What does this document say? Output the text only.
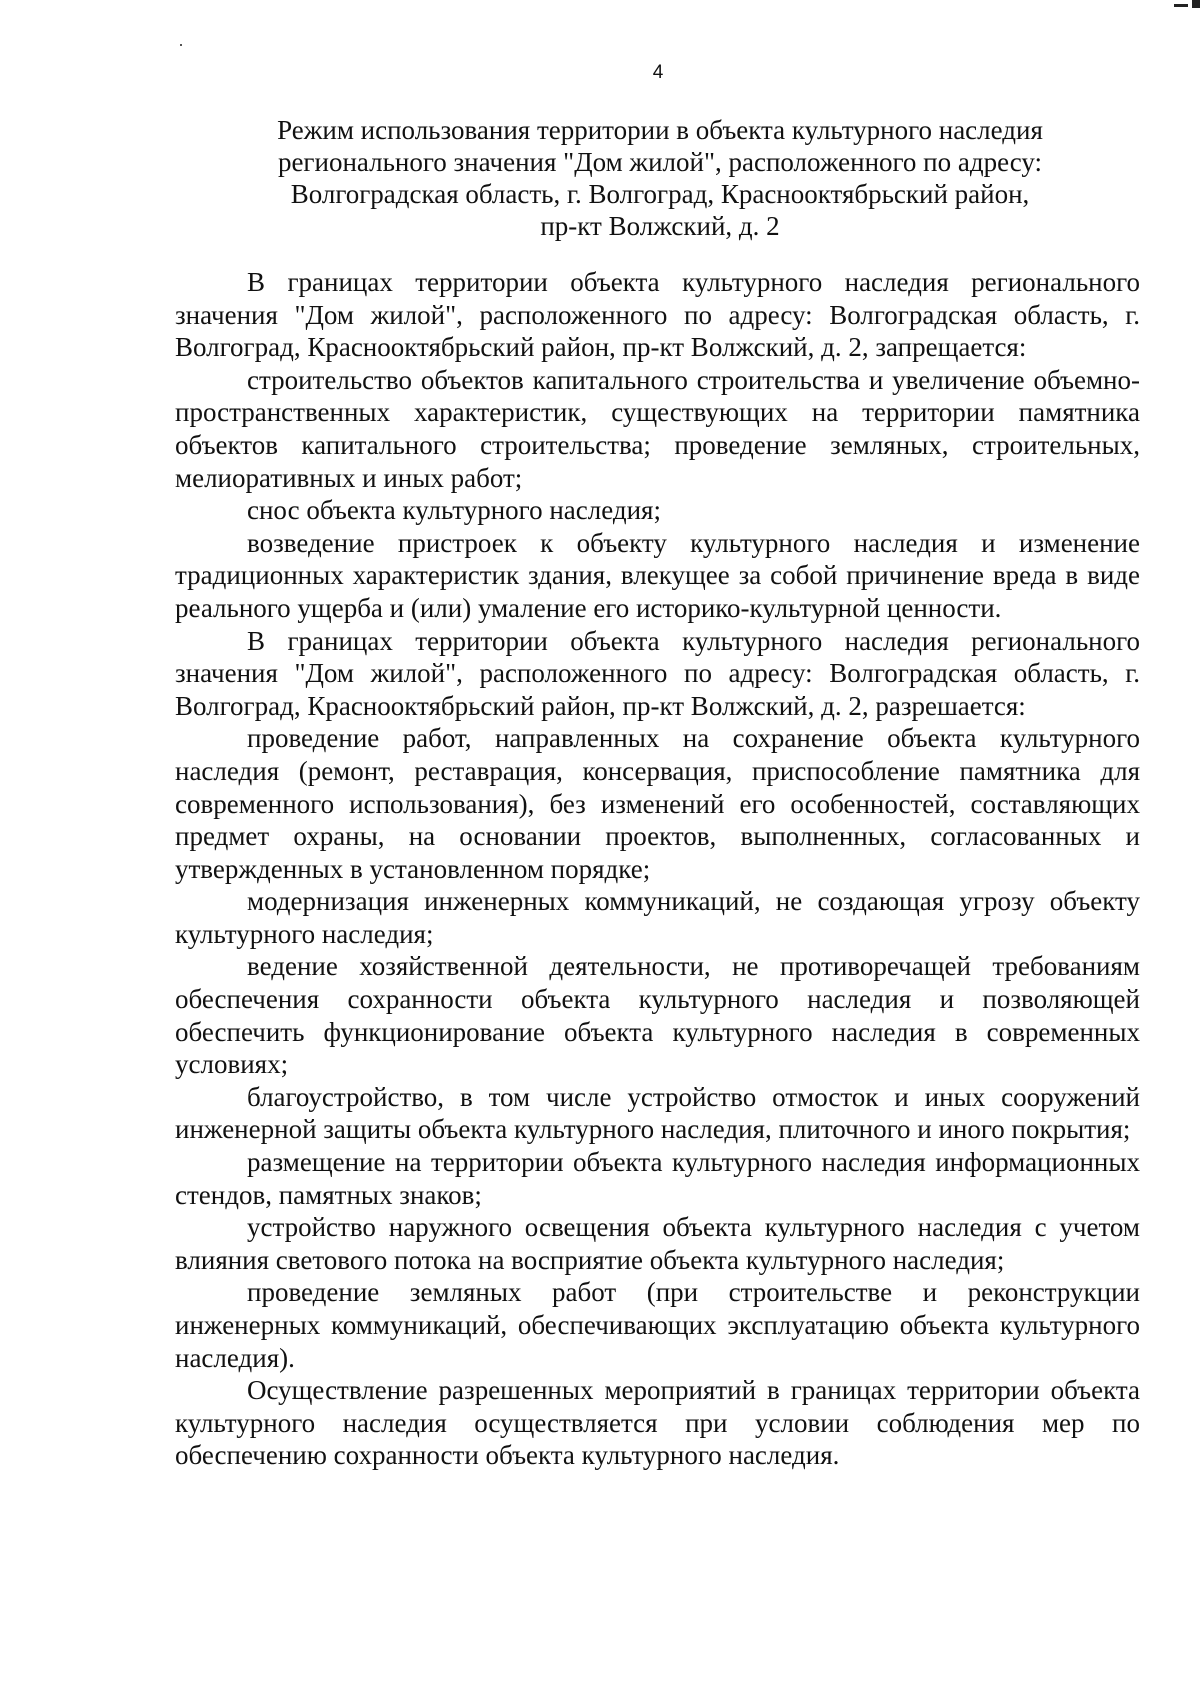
4
Режим использования территории в объекта культурного наследия
регионального значения "Дом жилой", расположенного по адресу:
Волгоградская область, г. Волгоград, Краснооктябрьский район,
пр-кт Волжский, д. 2

В границах территории объекта культурного наследия регионального значения "Дом жилой", расположенного по адресу: Волгоградская область, г. Волгоград, Краснооктябрьский район, пр-кт Волжский, д. 2, запрещается:

строительство объектов капитального строительства и увеличение объемно-пространственных характеристик, существующих на территории памятника объектов капитального строительства; проведение земляных, строительных, мелиоративных и иных работ;

снос объекта культурного наследия;

возведение пристроек к объекту культурного наследия и изменение традиционных характеристик здания, влекущее за собой причинение вреда в виде реального ущерба и (или) умаление его историко-культурной ценности.

В границах территории объекта культурного наследия регионального значения "Дом жилой", расположенного по адресу: Волгоградская область, г. Волгоград, Краснооктябрьский район, пр-кт Волжский, д. 2, разрешается:

проведение работ, направленных на сохранение объекта культурного наследия (ремонт, реставрация, консервация, приспособление памятника для современного использования), без изменений его особенностей, составляющих предмет охраны, на основании проектов, выполненных, согласованных и утвержденных в установленном порядке;

модернизация инженерных коммуникаций, не создающая угрозу объекту культурного наследия;

ведение хозяйственной деятельности, не противоречащей требованиям обеспечения сохранности объекта культурного наследия и позволяющей обеспечить функционирование объекта культурного наследия в современных условиях;

благоустройство, в том числе устройство отмосток и иных сооружений инженерной защиты объекта культурного наследия, плиточного и иного покрытия;

размещение на территории объекта культурного наследия информационных стендов, памятных знаков;

устройство наружного освещения объекта культурного наследия с учетом влияния светового потока на восприятие объекта культурного наследия;

проведение земляных работ (при строительстве и реконструкции инженерных коммуникаций, обеспечивающих эксплуатацию объекта культурного наследия).

Осуществление разрешенных мероприятий в границах территории объекта культурного наследия осуществляется при условии соблюдения мер по обеспечению сохранности объекта культурного наследия.
